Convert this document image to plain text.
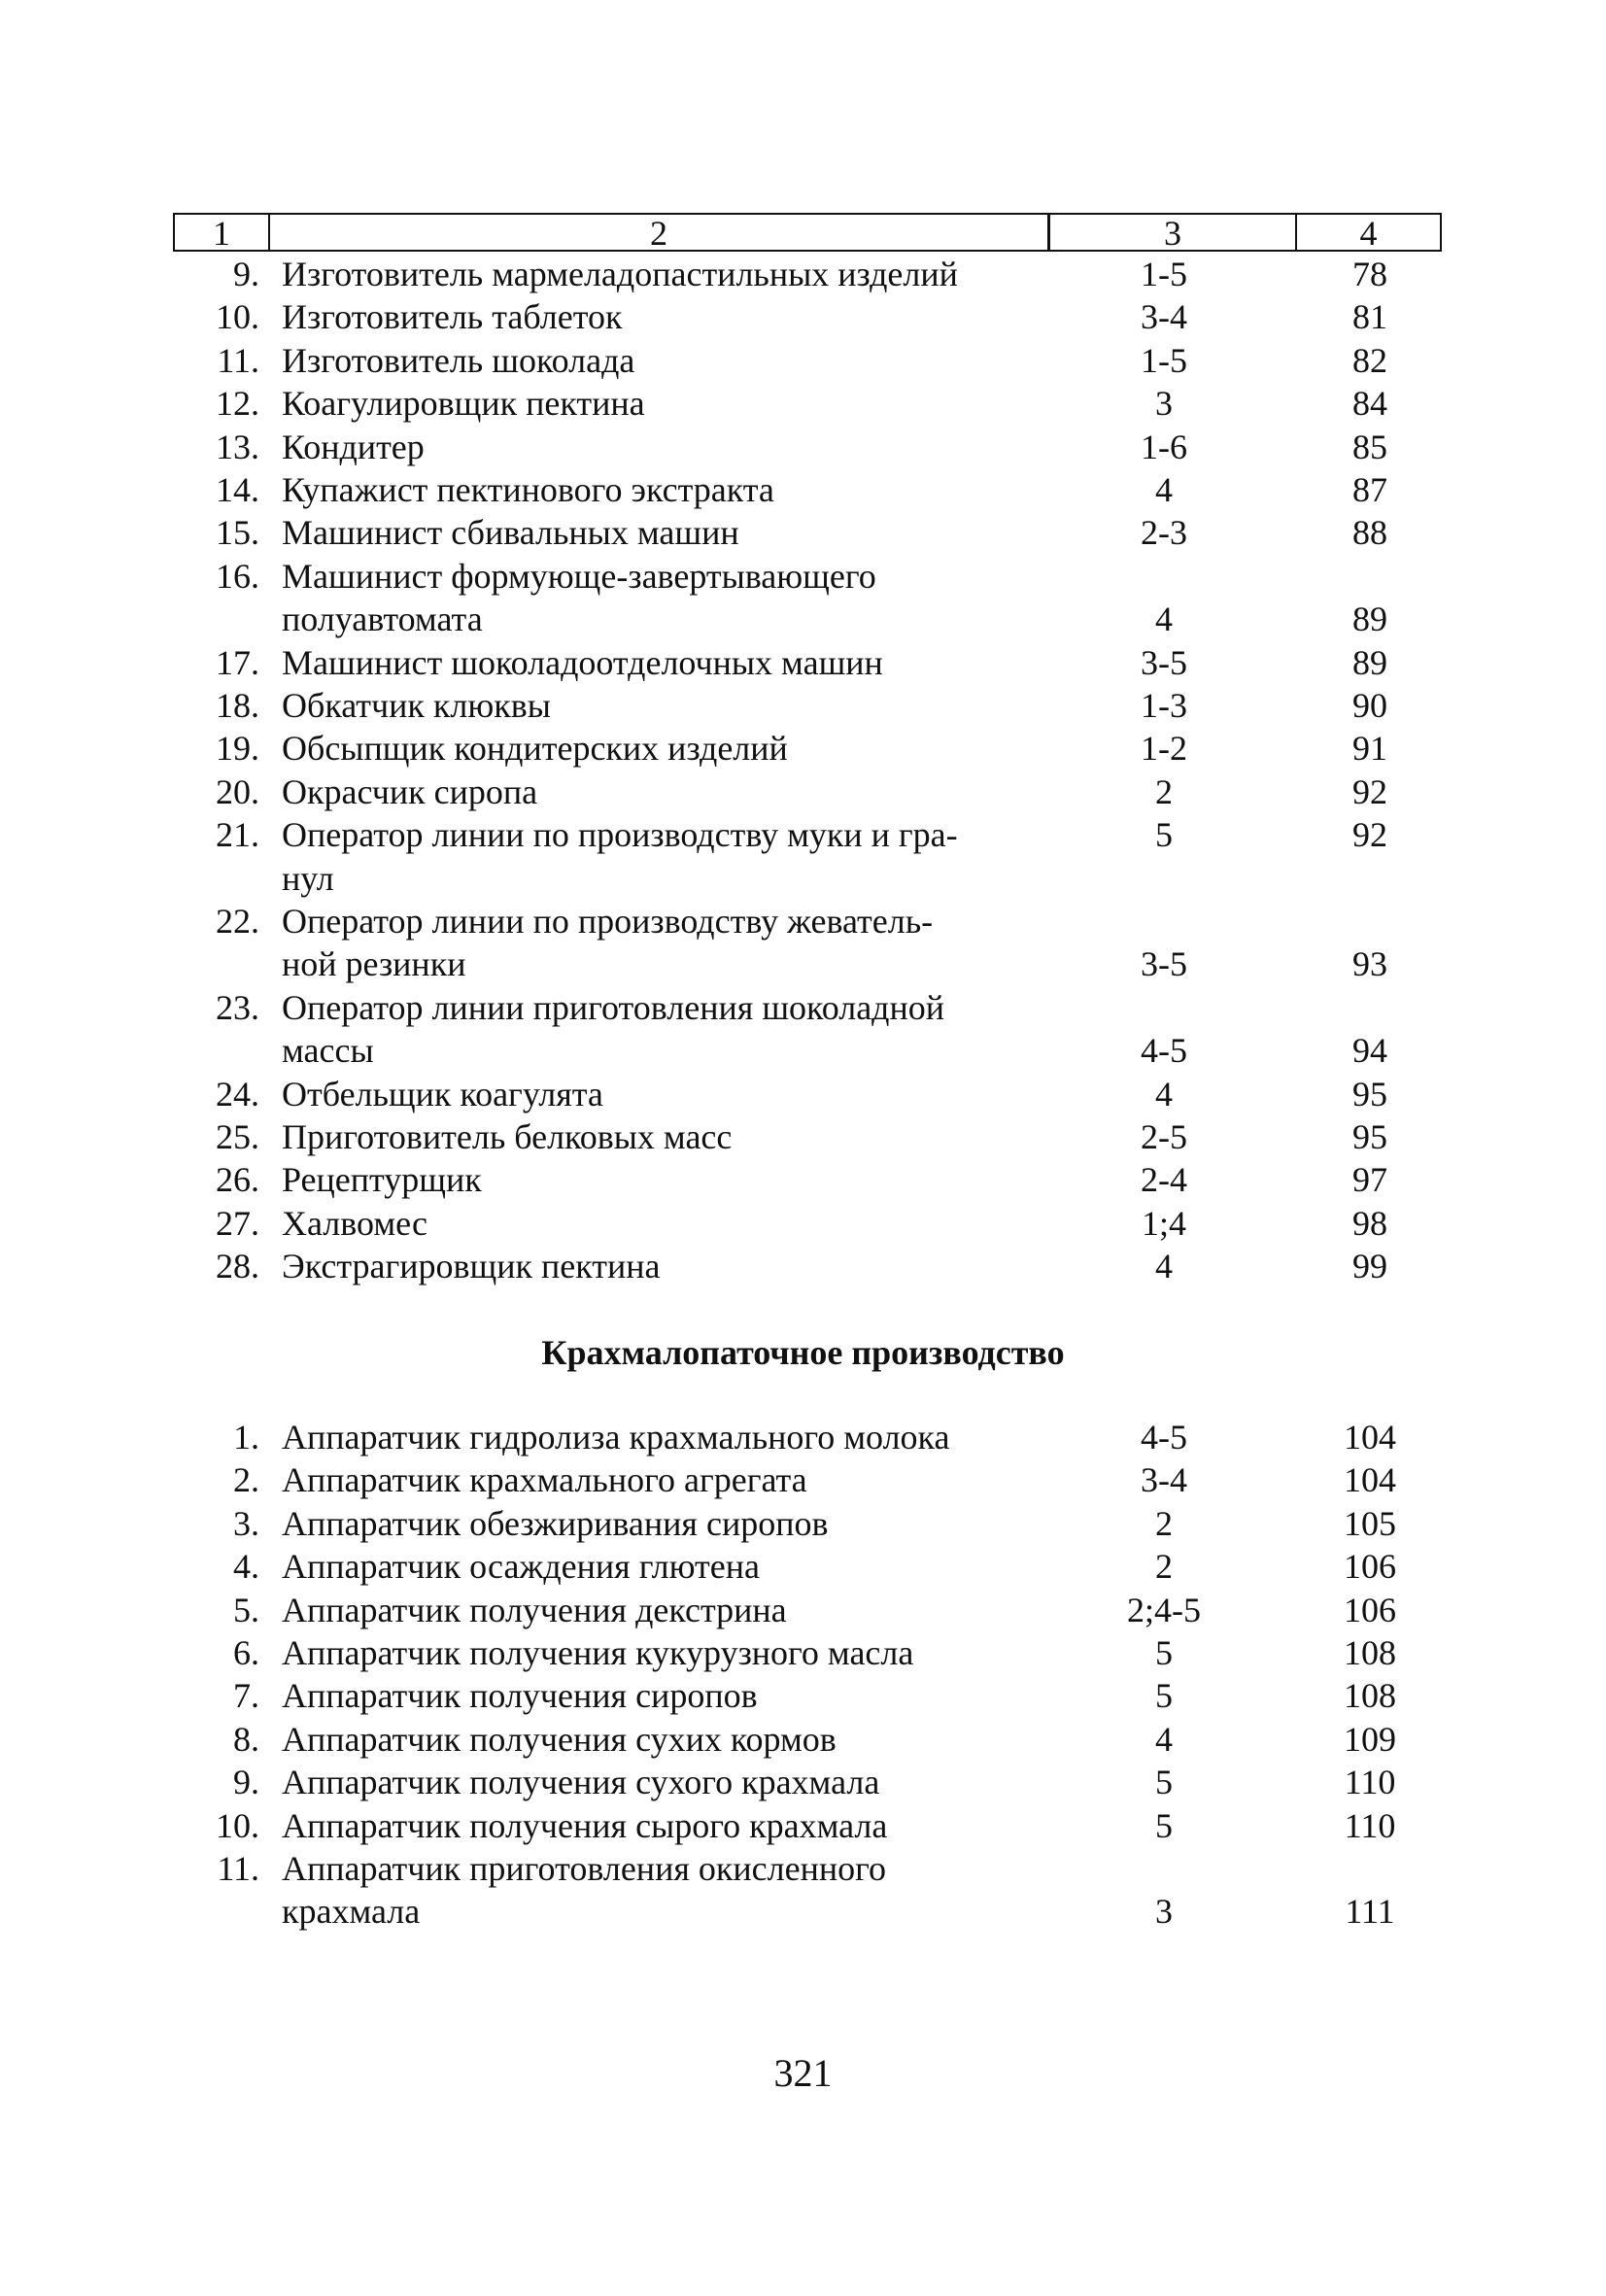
1	2	3	4
9. Изготовитель мармеладопастильных изделий	1-5	78
10. Изготовитель таблеток	3-4	81
11. Изготовитель шоколада	1-5	82
12. Коагулировщик пектина	3	84
13. Кондитер	1-6	85
14. Купажист пектинового экстракта	4	87
15. Машинист сбивальных машин	2-3	88
16. Машинист формующе-завертывающего
полуавтомата	4	89
17. Машинист шоколадоотделочных машин	3-5	89
18. Обкатчик клюквы	1-3	90
19. Обсыпщик кондитерских изделий	1-2	91
20. Окрасчик сиропа	2	92
21. Оператор линии по производству муки и гра-	5	92
нул
22. Оператор линии по производству жеватель-
ной резинки	3-5	93
23. Оператор линии приготовления шоколадной
массы	4-5	94
24. Отбельщик коагулята	4	95
25. Приготовитель белковых масс	2-5	95
26. Рецептурщик	2-4	97
27. Халвомес	1;4	98
28. Экстрагировщик пектина	4	99
Крахмалопаточное производство
1. Аппаратчик гидролиза крахмального молока	4-5	104
2. Аппаратчик крахмального агрегата	3-4	104
3. Аппаратчик обезжиривания сиропов	2	105
4. Аппаратчик осаждения глютена	2	106
5. Аппаратчик получения декстрина	2;4-5	106
6. Аппаратчик получения кукурузного масла	5	108
7. Аппаратчик получения сиропов	5	108
8. Аппаратчик получения сухих кормов	4	109
9. Аппаратчик получения сухого крахмала	5	110
10. Аппаратчик получения сырого крахмала	5	110
11. Аппаратчик приготовления окисленного
крахмала	3	111
321
